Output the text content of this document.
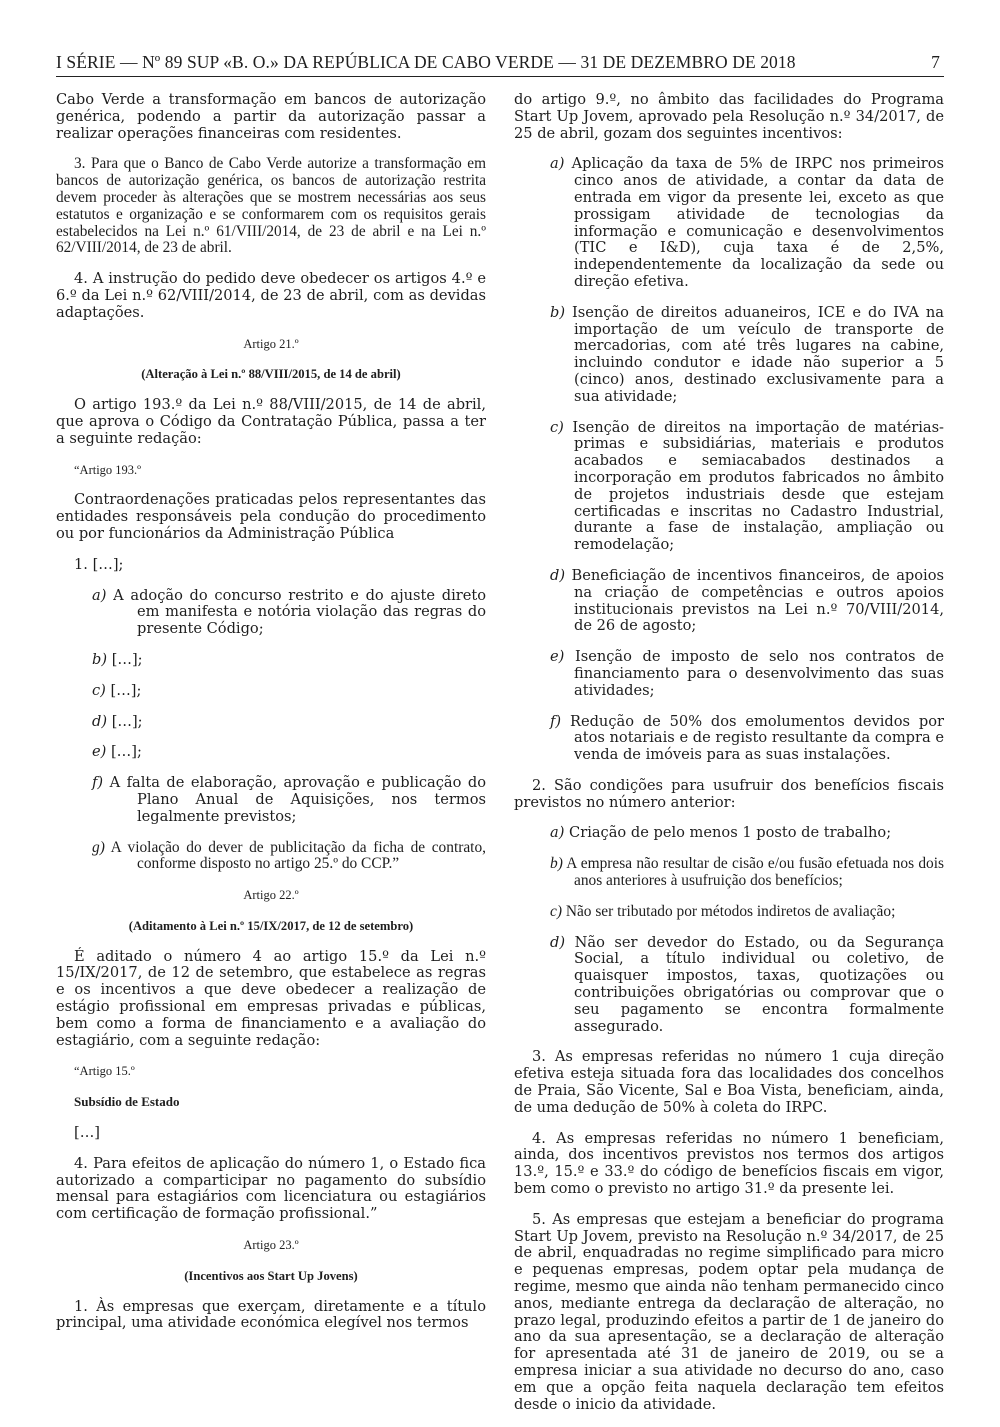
I SÉRIE — Nº 89 SUP «B. O.» DA REPÚBLICA DE CABO VERDE — 31 DE DEZEMBRO DE 2018	7

Cabo Verde a transformação em bancos de autorização genérica, podendo a partir da autorização passar a realizar operações financeiras com residentes.

3. Para que o Banco de Cabo Verde autorize a transformação em bancos de autorização genérica, os bancos de autorização restrita devem proceder às alterações que se mostrem necessárias aos seus estatutos e organização e se conformarem com os requisitos gerais estabelecidos na Lei n.º 61/VIII/2014, de 23 de abril e na Lei n.º 62/VIII/2014, de 23 de abril.

4. A instrução do pedido deve obedecer os artigos 4.º e 6.º da Lei n.º 62/VIII/2014, de 23 de abril, com as devidas adaptações.

Artigo 21.º
(Alteração à Lei n.º 88/VIII/2015, de 14 de abril)

O artigo 193.º da Lei n.º 88/VIII/2015, de 14 de abril, que aprova o Código da Contratação Pública, passa a ter a seguinte redação:

“Artigo 193.º

Contraordenações praticadas pelos representantes das entidades responsáveis pela condução do procedimento ou por funcionários da Administração Pública

1. […];
a) A adoção do concurso restrito e do ajuste direto em manifesta e notória violação das regras do presente Código;
b) […];
c) […];
d) […];
e) […];
f) A falta de elaboração, aprovação e publicação do Plano Anual de Aquisições, nos termos legalmente previstos;
g) A violação do dever de publicitação da ficha de contrato, conforme disposto no artigo 25.º do CCP.”
Artigo 22.º
(Aditamento à Lei n.º 15/IX/2017, de 12 de setembro)

É aditado o número 4 ao artigo 15.º da Lei n.º 15/IX/2017, de 12 de setembro, que estabelece as regras e os incentivos a que deve obedecer a realização de estágio profissional em empresas privadas e públicas, bem como a forma de financiamento e a avaliação do estagiário, com a seguinte redação:

“Artigo 15.º
Subsídio de Estado
[…]

4. Para efeitos de aplicação do número 1, o Estado fica autorizado a comparticipar no pagamento do subsídio mensal para estagiários com licenciatura ou estagiários com certificação de formação profissional.”

Artigo 23.º
(Incentivos aos Start Up Jovens)

1. Às empresas que exerçam, diretamente e a título principal, uma atividade económica elegível nos termos

do artigo 9.º, no âmbito das facilidades do Programa Start Up Jovem, aprovado pela Resolução n.º 34/2017, de 25 de abril, gozam dos seguintes incentivos:

a) Aplicação da taxa de 5% de IRPC nos primeiros cinco anos de atividade, a contar da data de entrada em vigor da presente lei, exceto as que prossigam atividade de tecnologias da informação e comunicação e desenvolvimentos (TIC e I&D), cuja taxa é de 2,5%, independentemente da localização da sede ou direção efetiva.
b) Isenção de direitos aduaneiros, ICE e do IVA na importação de um veículo de transporte de mercadorias, com até três lugares na cabine, incluindo condutor e idade não superior a 5 (cinco) anos, destinado exclusivamente para a sua atividade;
c) Isenção de direitos na importação de matérias-primas e subsidiárias, materiais e produtos acabados e semiacabados destinados a incorporação em produtos fabricados no âmbito de projetos industriais desde que estejam certificadas e inscritas no Cadastro Industrial, durante a fase de instalação, ampliação ou remodelação;
d) Beneficiação de incentivos financeiros, de apoios na criação de competências e outros apoios institucionais previstos na Lei n.º 70/VIII/2014, de 26 de agosto;
e) Isenção de imposto de selo nos contratos de financiamento para o desenvolvimento das suas atividades;
f) Redução de 50% dos emolumentos devidos por atos notariais e de registo resultante da compra e venda de imóveis para as suas instalações.

2. São condições para usufruir dos benefícios fiscais previstos no número anterior:

a) Criação de pelo menos 1 posto de trabalho;
b) A empresa não resultar de cisão e/ou fusão efetuada nos dois anos anteriores à usufruição dos benefícios;
c) Não ser tributado por métodos indiretos de avaliação;
d) Não ser devedor do Estado, ou da Segurança Social, a título individual ou coletivo, de quaisquer impostos, taxas, quotizações ou contribuições obrigatórias ou comprovar que o seu pagamento se encontra formalmente assegurado.

3. As empresas referidas no número 1 cuja direção efetiva esteja situada fora das localidades dos concelhos de Praia, São Vicente, Sal e Boa Vista, beneficiam, ainda, de uma dedução de 50% à coleta do IRPC.

4. As empresas referidas no número 1 beneficiam, ainda, dos incentivos previstos nos termos dos artigos 13.º, 15.º e 33.º do código de benefícios fiscais em vigor, bem como o previsto no artigo 31.º da presente lei.

5. As empresas que estejam a beneficiar do programa Start Up Jovem, previsto na Resolução n.º 34/2017, de 25 de abril, enquadradas no regime simplificado para micro e pequenas empresas, podem optar pela mudança de regime, mesmo que ainda não tenham permanecido cinco anos, mediante entrega da declaração de alteração, no prazo legal, produzindo efeitos a partir de 1 de janeiro do ano da sua apresentação, se a declaração de alteração for apresentada até 31 de janeiro de 2019, ou se a empresa iniciar a sua atividade no decurso do ano, caso em que a opção feita naquela declaração tem efeitos desde o inicio da atividade.
